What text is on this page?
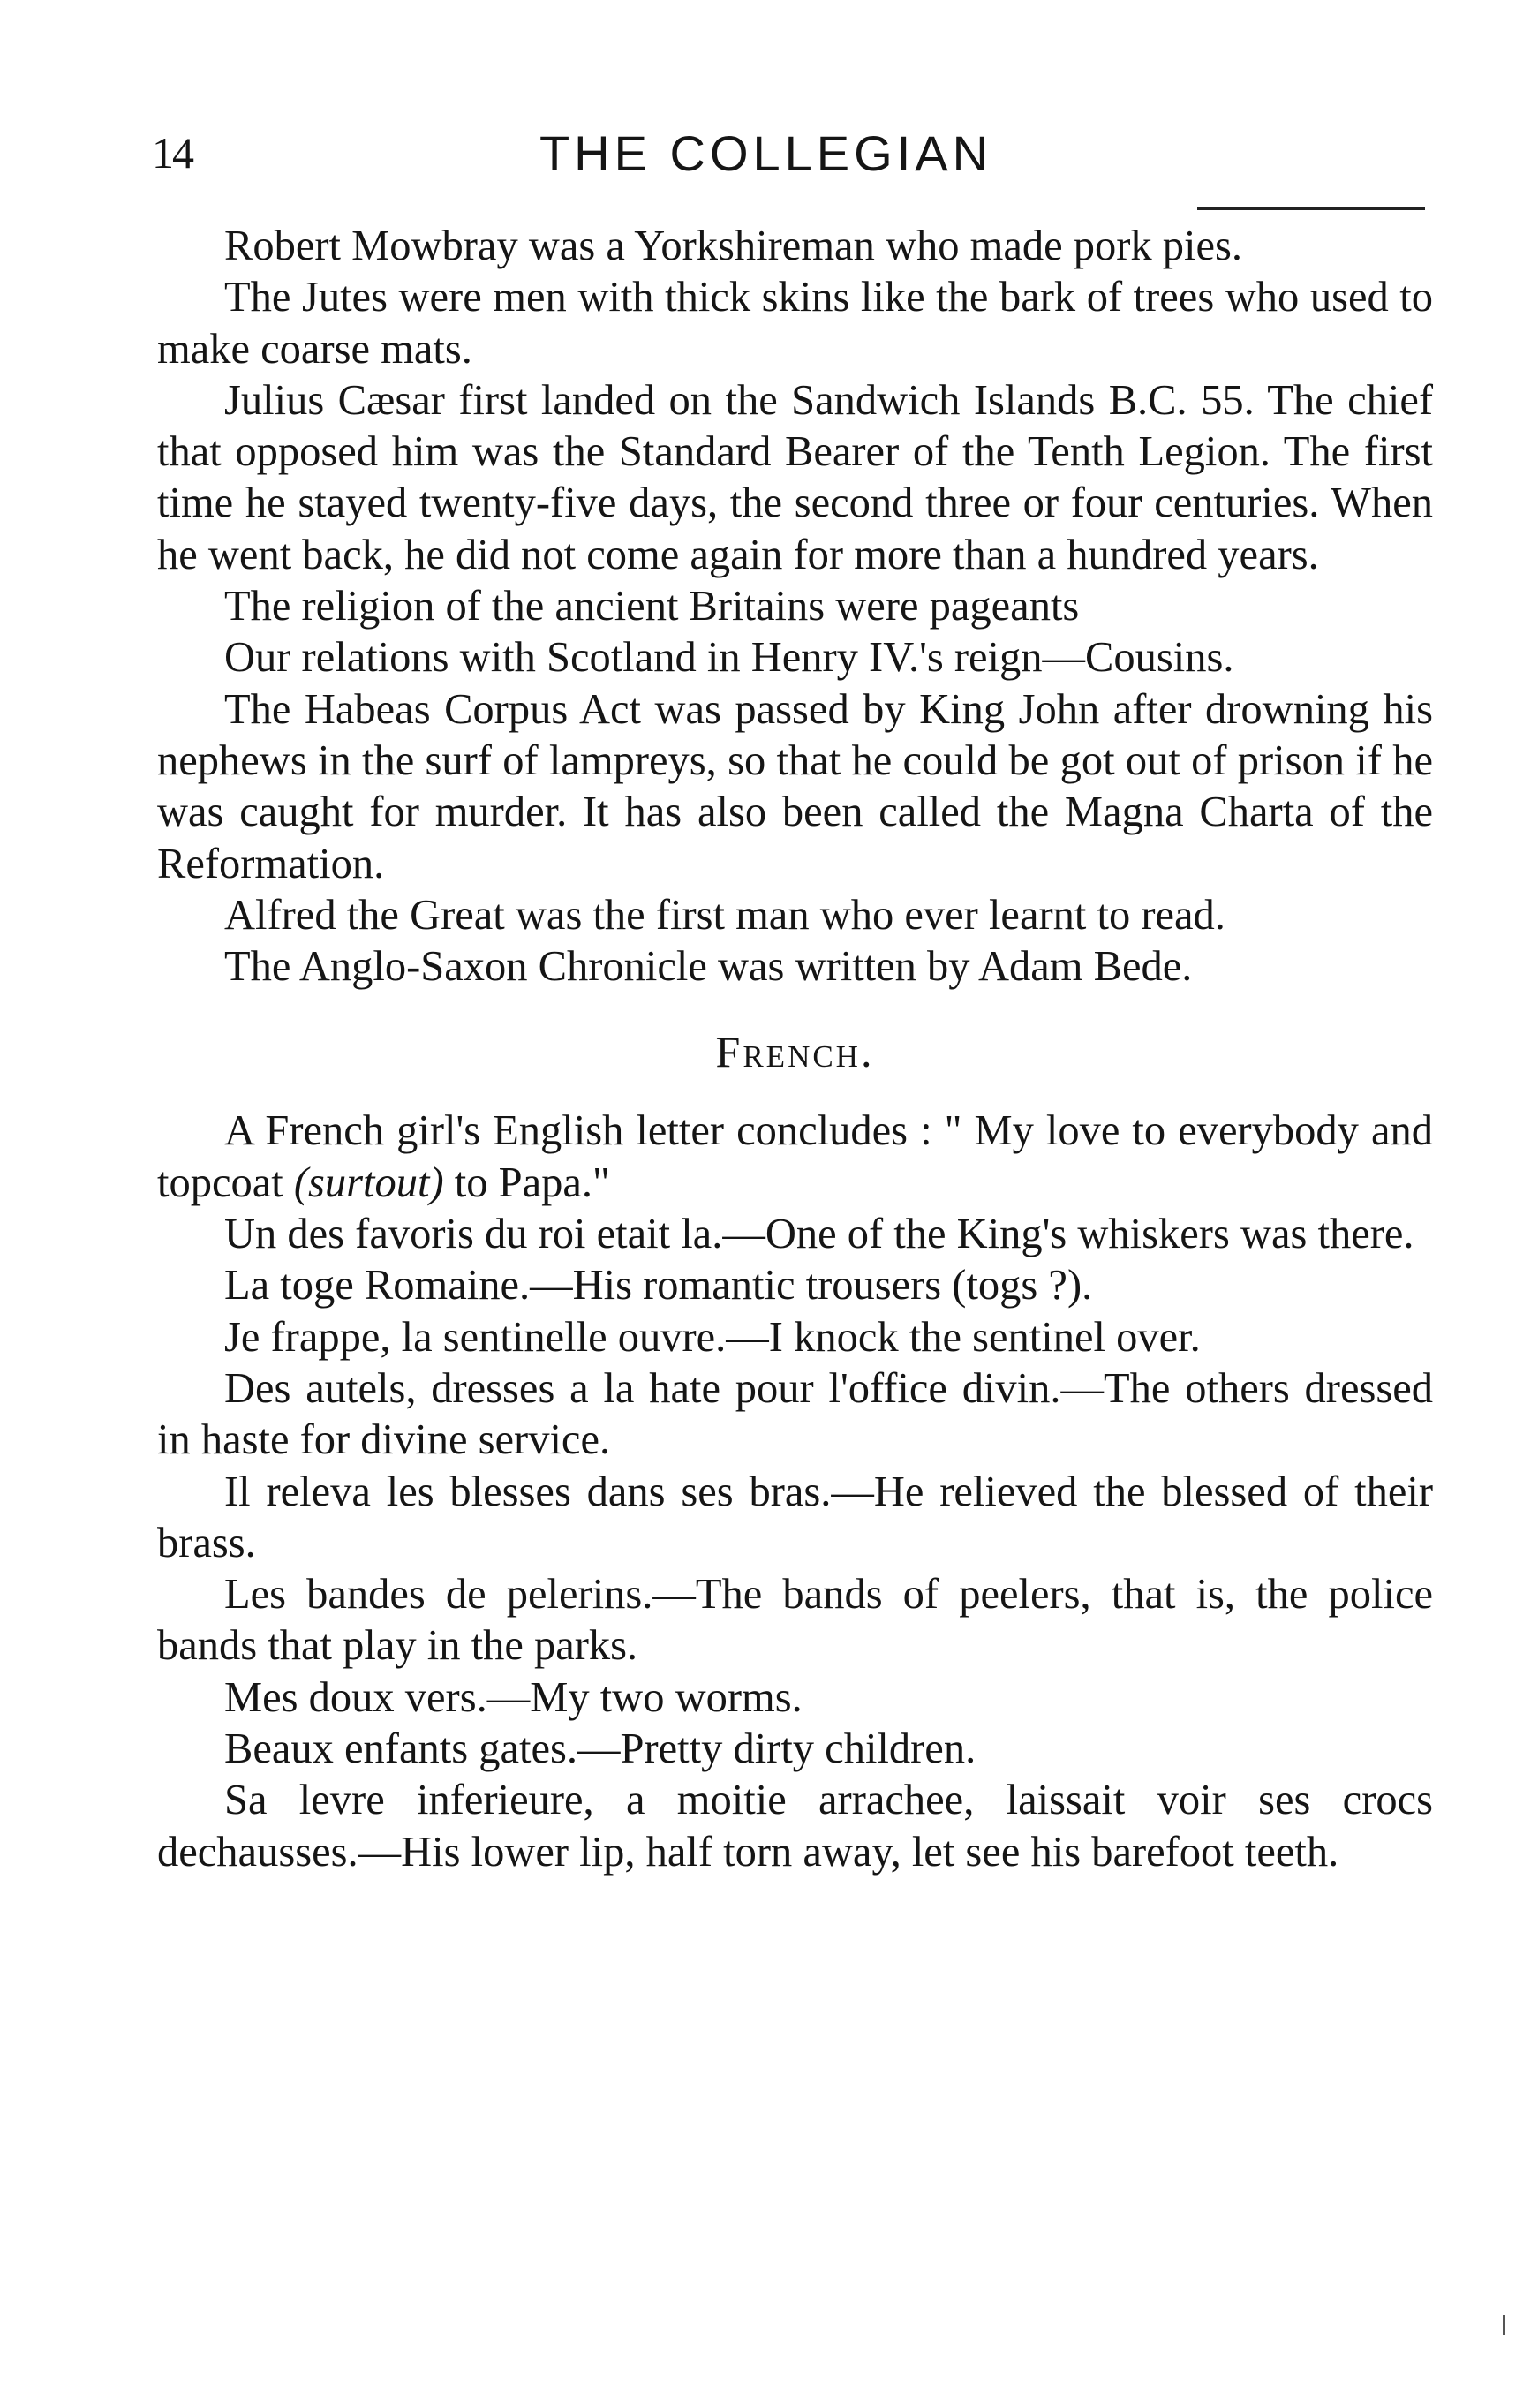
14	THE COLLEGIAN

Robert Mowbray was a Yorkshireman who made pork pies.

The Jutes were men with thick skins like the bark of trees who used to make coarse mats.

Julius Cæsar first landed on the Sandwich Islands B.C. 55. The chief that opposed him was the Standard Bearer of the Tenth Legion. The first time he stayed twenty-five days, the second three or four centuries. When he went back, he did not come again for more than a hundred years.

The religion of the ancient Britains were pageants

Our relations with Scotland in Henry IV.'s reign—Cousins.

The Habeas Corpus Act was passed by King John after drowning his nephews in the surf of lampreys, so that he could be got out of prison if he was caught for murder. It has also been called the Magna Charta of the Reformation.

Alfred the Great was the first man who ever learnt to read.

The Anglo-Saxon Chronicle was written by Adam Bede.

French.

A French girl's English letter concludes : " My love to everybody and topcoat (surtout) to Papa."

Un des favoris du roi etait la.—One of the King's whiskers was there.

La toge Romaine.—His romantic trousers (togs ?).

Je frappe, la sentinelle ouvre.—I knock the sentinel over.

Des autels, dresses a la hate pour l'office divin.—The others dressed in haste for divine service.

Il releva les blesses dans ses bras.—He relieved the blessed of their brass.

Les bandes de pelerins.—The bands of peelers, that is, the police bands that play in the parks.

Mes doux vers.—My two worms.

Beaux enfants gates.—Pretty dirty children.

Sa levre inferieure, a moitie arrachee, laissait voir ses crocs dechausses.—His lower lip, half torn away, let see his barefoot teeth.
